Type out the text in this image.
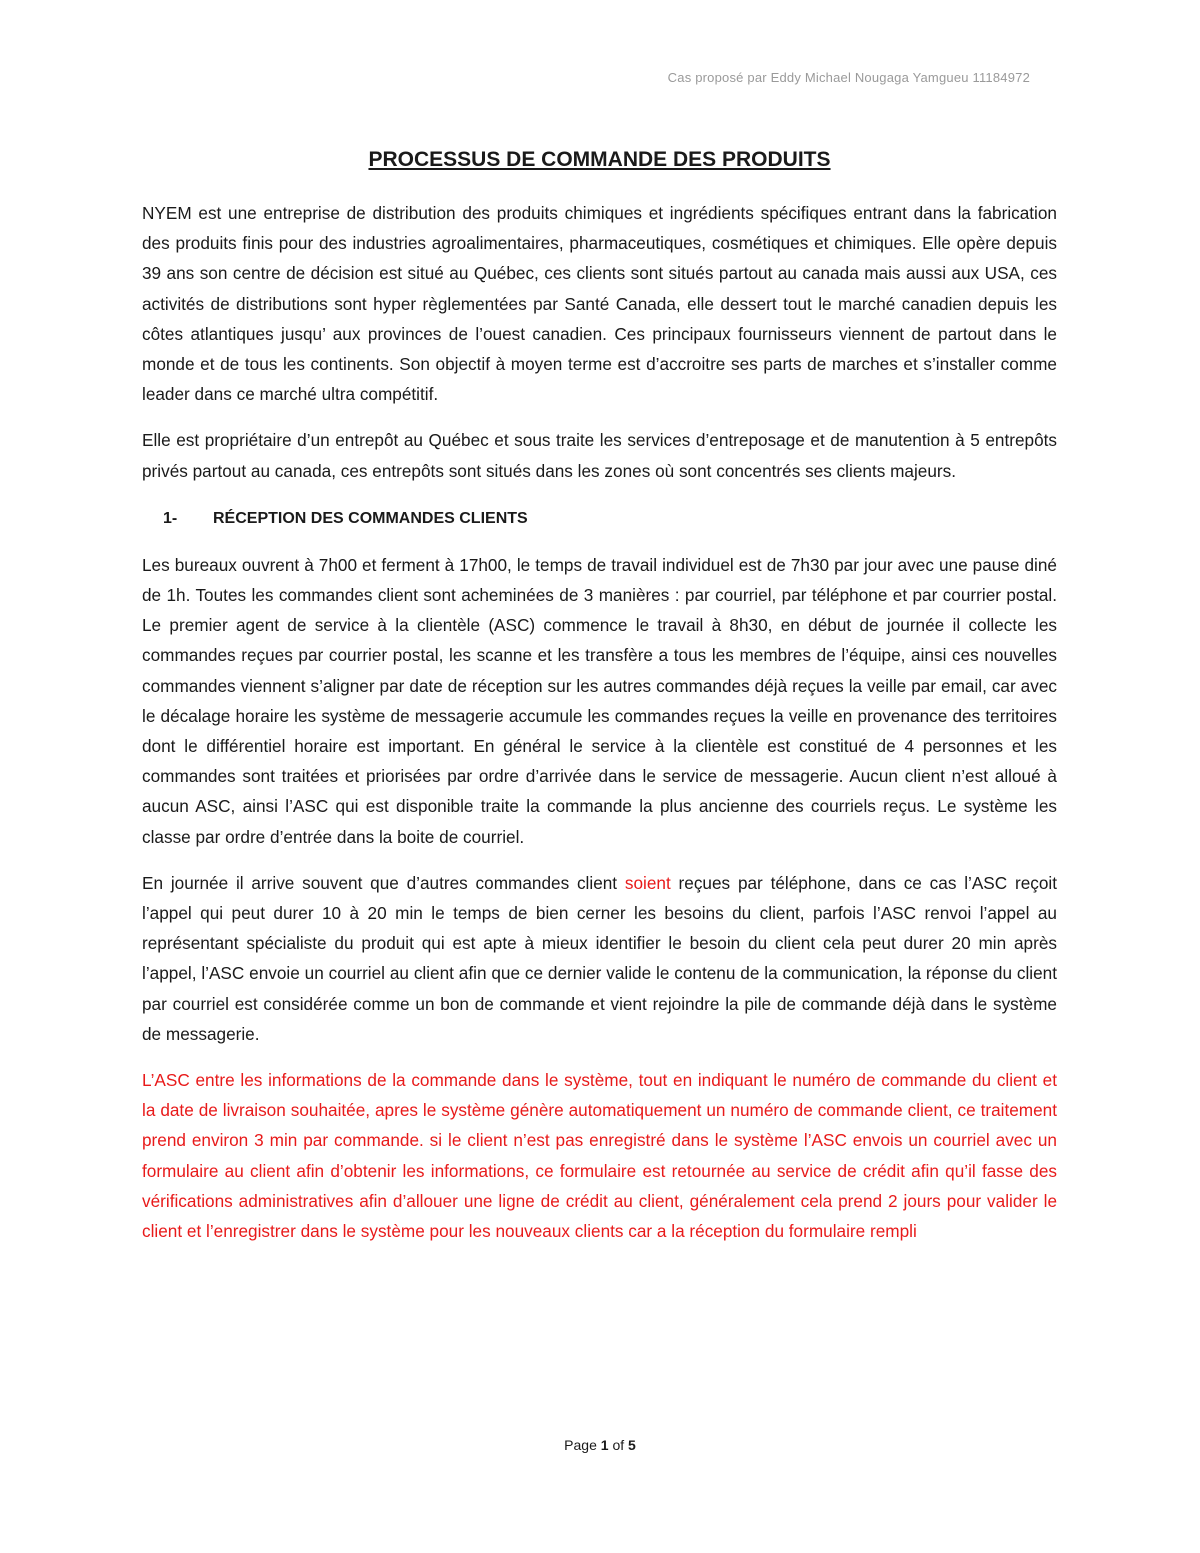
Cas proposé par Eddy Michael Nougaga Yamgueu 11184972
PROCESSUS DE COMMANDE DES PRODUITS

NYEM est une entreprise de distribution des produits chimiques et ingrédients spécifiques entrant dans la fabrication des produits finis pour des industries agroalimentaires, pharmaceutiques, cosmétiques et chimiques. Elle opère depuis 39 ans son centre de décision est situé au Québec, ces clients sont situés partout au canada mais aussi aux USA, ces activités de distributions sont hyper règlementées par Santé Canada, elle dessert tout le marché canadien depuis les côtes atlantiques jusqu’ aux provinces de l’ouest canadien. Ces principaux fournisseurs viennent de partout dans le monde et de tous les continents. Son objectif à moyen terme est d’accroitre ses parts de marches et s’installer comme leader dans ce marché ultra compétitif.

Elle est propriétaire d’un entrepôt au Québec et sous traite les services d’entreposage et de manutention à 5 entrepôts privés partout au canada, ces entrepôts sont situés dans les zones où sont concentrés ses clients majeurs.

1- RÉCEPTION DES COMMANDES CLIENTS

Les bureaux ouvrent à 7h00 et ferment à 17h00, le temps de travail individuel est de 7h30 par jour avec une pause diné de 1h. Toutes les commandes client sont acheminées de 3 manières : par courriel, par téléphone et par courrier postal. Le premier agent de service à la clientèle (ASC) commence le travail à 8h30, en début de journée il collecte les commandes reçues par courrier postal, les scanne et les transfère a tous les membres de l’équipe, ainsi ces nouvelles commandes viennent s’aligner par date de réception sur les autres commandes déjà reçues la veille par email, car avec le décalage horaire les système de messagerie accumule les commandes reçues la veille en provenance des territoires dont le différentiel horaire est important. En général le service à la clientèle est constitué de 4 personnes et les commandes sont traitées et priorisées par ordre d’arrivée dans le service de messagerie. Aucun client n’est alloué à aucun ASC, ainsi l’ASC qui est disponible traite la commande la plus ancienne des courriels reçus. Le système les classe par ordre d’entrée dans la boite de courriel.

En journée il arrive souvent que d’autres commandes client soient reçues par téléphone, dans ce cas l’ASC reçoit l’appel qui peut durer 10 à 20 min le temps de bien cerner les besoins du client, parfois l’ASC renvoi l’appel au représentant spécialiste du produit qui est apte à mieux identifier le besoin du client cela peut durer 20 min après l’appel, l’ASC envoie un courriel au client afin que ce dernier valide le contenu de la communication, la réponse du client par courriel est considérée comme un bon de commande et vient rejoindre la pile de commande déjà dans le système de messagerie.

L’ASC entre les informations de la commande dans le système, tout en indiquant le numéro de commande du client et la date de livraison souhaitée, apres le système génère automatiquement un numéro de commande client, ce traitement prend environ 3 min par commande. si le client n’est pas enregistré dans le système l’ASC envois un courriel avec un formulaire au client afin d’obtenir les informations, ce formulaire est retournée au service de crédit afin qu’il fasse des vérifications administratives afin d’allouer une ligne de crédit au client, généralement cela prend 2 jours pour valider le client et l’enregistrer dans le système pour les nouveaux clients car a la réception du formulaire rempli

Page 1 of 5
